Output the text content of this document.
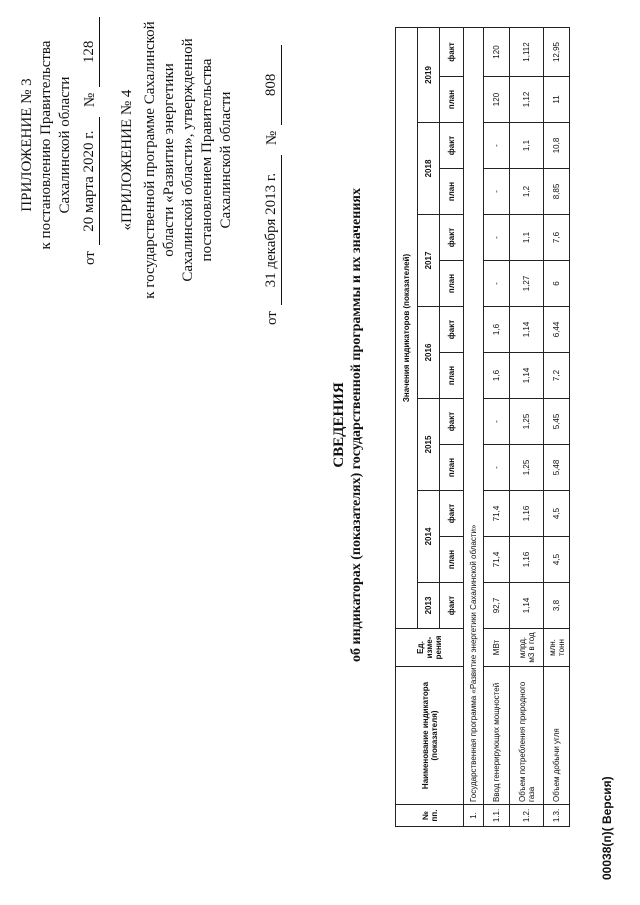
ПРИЛОЖЕНИЕ № 3 к постановлению Правительства Сахалинской области
от
20 марта 2020 г.
№
128
«ПРИЛОЖЕНИЕ № 4 к государственной программе Сахалинской области «Развитие энергетики Сахалинской области», утвержденной постановлением Правительства Сахалинской области
от
31 декабря 2013 г.
№
808
СВЕДЕНИЯ об индикаторах (показателях) государственной программы и их значениях
№ пп.	Наименование индикатора (показателя)	Ед. изме- рения	Значения индикаторов (показателей)												
			2013	2014		2015		2016		2017		2018		2019	
			факт	план	факт	план	факт	план	факт	план	факт	план	факт	план	факт
1.	Государственная программа «Развитие энергетики Сахалинской области»														
1.1.	Ввод генерирующих мощностей	МВт	92,7	71,4	71,4	-	-	1,6	1,6	-	-	-	-	120	120
1.2.	Объем потребления природного газа	млрд. м3 в год	1,14	1,16	1,16	1,25	1,25	1,14	1,14	1,27	1,1	1,2	1,1	1,12	1,112
1.3.	Объем добычи угля	млн. тонн	3,8	4,5	4,5	5,48	5,45	7,2	6,44	6	7,6	8,85	10,8	11	12,95
00038(п)( Версия)
